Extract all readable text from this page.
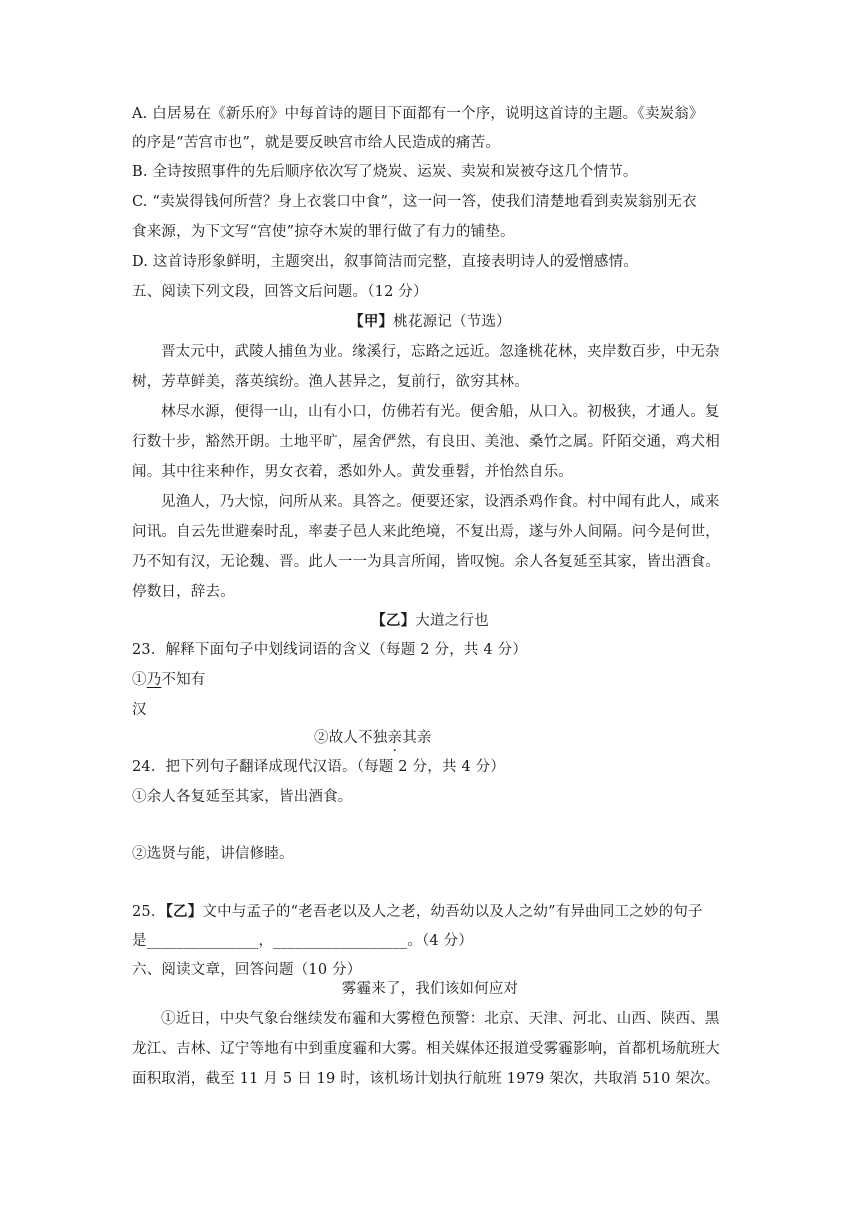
A. 白居易在《新乐府》中每首诗的题目下面都有一个序，说明这首诗的主题。《卖炭翁》
的序是“苦宫市也”，就是要反映宫市给人民造成的痛苦。
B. 全诗按照事件的先后顺序依次写了烧炭、运炭、卖炭和炭被夺这几个情节。
C. “卖炭得钱何所营？身上衣裳口中食”，这一问一答，使我们清楚地看到卖炭翁别无衣
食来源，为下文写“宫使”掠夺木炭的罪行做了有力的铺垫。
D. 这首诗形象鲜明，主题突出，叙事简洁而完整，直接表明诗人的爱憎感情。
五、阅读下列文段，回答文后问题。（12 分）
【甲】桃花源记（节选）
晋太元中，武陵人捕鱼为业。缘溪行，忘路之远近。忽逢桃花林，夹岸数百步，中无杂
树，芳草鲜美，落英缤纷。渔人甚异之，复前行，欲穷其林。
林尽水源，便得一山，山有小口，仿佛若有光。便舍船，从口入。初极狭，才通人。复
行数十步，豁然开朗。土地平旷，屋舍俨然，有良田、美池、桑竹之属。阡陌交通，鸡犬相
闻。其中往来种作，男女衣着，悉如外人。黄发垂髫，并怡然自乐。
见渔人，乃大惊，问所从来。具答之。便要还家，设酒杀鸡作食。村中闻有此人，咸来
问讯。自云先世避秦时乱，率妻子邑人来此绝境，不复出焉，遂与外人间隔。问今是何世，
乃不知有汉，无论魏、晋。此人一一为具言所闻，皆叹惋。余人各复延至其家，皆出酒食。
停数日，辞去。
【乙】大道之行也
23．解释下面句子中划线词语的含义（每题 2 分，共 4 分）
①乃不知有
汉
②故人不独亲其亲
24．把下列句子翻译成现代汉语。（每题 2 分，共 4 分）
①余人各复延至其家，皆出酒食。
②选贤与能，讲信修睦。
25．【乙】文中与孟子的“老吾老以及人之老，幼吾幼以及人之幼”有异曲同工之妙的句子
是_______________，__________________。（4 分）
六、阅读文章，回答问题（10 分）
雾霾来了，我们该如何应对
①近日，中央气象台继续发布霾和大雾橙色预警：北京、天津、河北、山西、陕西、黑
龙江、吉林、辽宁等地有中到重度霾和大雾。相关媒体还报道受雾霾影响，首都机场航班大
面积取消，截至 11 月 5 日 19 时，该机场计划执行航班 1979 架次，共取消 510 架次。
